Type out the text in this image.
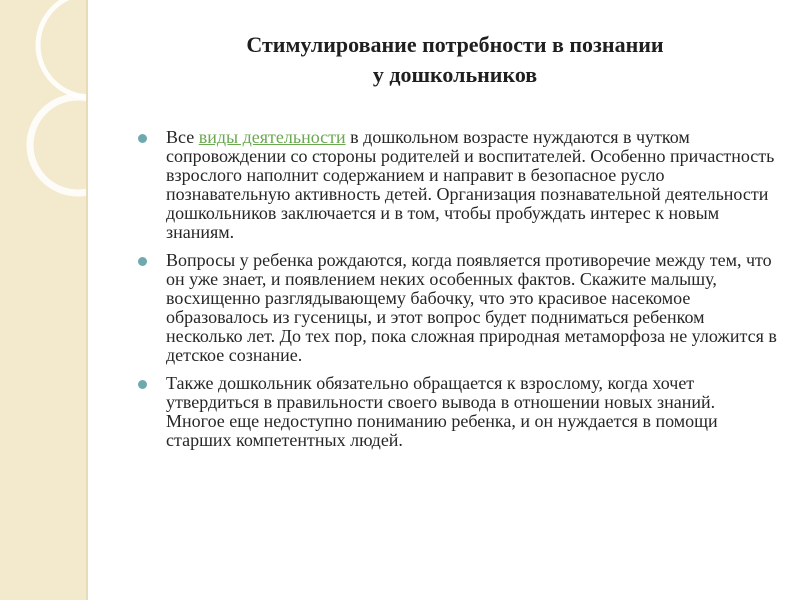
Стимулирование потребности в познании
у дошкольников
Все виды деятельности в дошкольном возрасте нуждаются в чутком сопровождении со стороны родителей и воспитателей. Особенно причастность взрослого наполнит содержанием и направит в безопасное русло познавательную активность детей. Организация познавательной деятельности дошкольников заключается и в том, чтобы пробуждать интерес к новым знаниям.
Вопросы у ребенка рождаются, когда появляется противоречие между тем, что он уже знает, и появлением неких особенных фактов. Скажите малышу, восхищенно разглядывающему бабочку, что это красивое насекомое образовалось из гусеницы, и этот вопрос будет подниматься ребенком несколько лет. До тех пор, пока сложная природная метаморфоза не уложится в детское сознание.
Также дошкольник обязательно обращается к взрослому, когда хочет утвердиться в правильности своего вывода в отношении новых знаний. Многое еще недоступно пониманию ребенка, и он нуждается в помощи старших компетентных людей.
